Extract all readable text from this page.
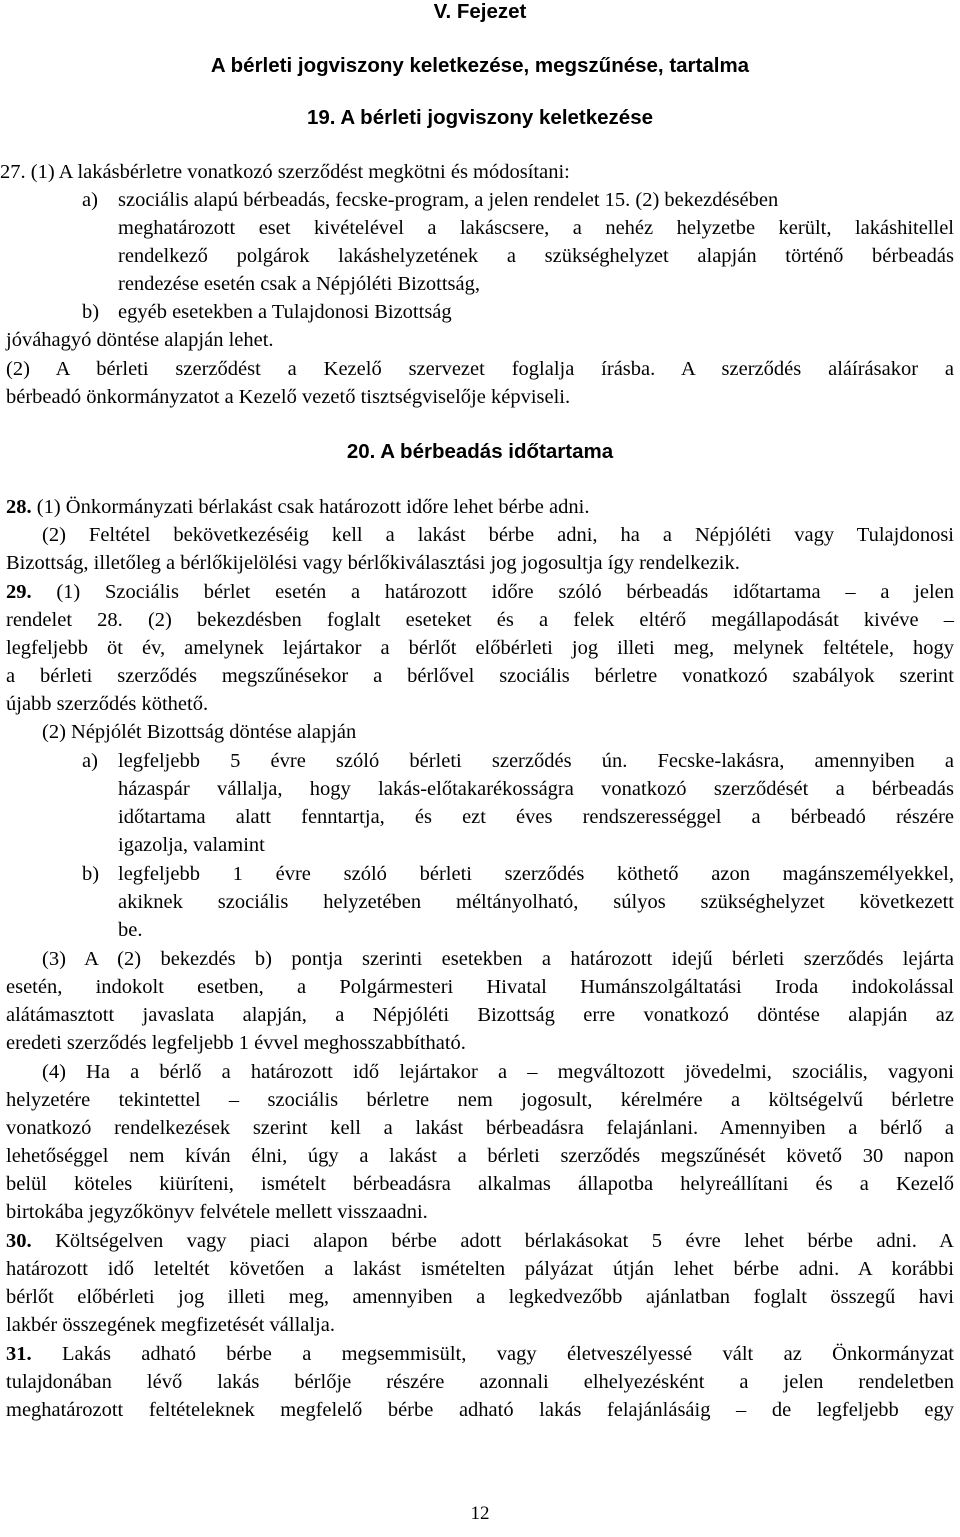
V. Fejezet

A bérleti jogviszony keletkezése, megszűnése, tartalma

19. A bérleti jogviszony keletkezése

27. (1) A lakásbérletre vonatkozó szerződést megkötni és módosítani:

a) szociális alapú bérbeadás, fecske-program, a jelen rendelet 15. (2) bekezdésében

meghatározott eset kivételével a lakáscsere, a nehéz helyzetbe került, lakáshitellel

rendelkező polgárok lakáshelyzetének a szükséghelyzet alapján történő bérbeadás

rendezése esetén csak a Népjóléti Bizottság,

b) egyéb esetekben a Tulajdonosi Bizottság

jóváhagyó döntése alapján lehet.

(2) A bérleti szerződést a Kezelő szervezet foglalja írásba. A szerződés aláírásakor a

bérbeadó önkormányzatot a Kezelő vezető tisztségviselője képviseli.

20. A bérbeadás időtartama

28. (1) Önkormányzati bérlakást csak határozott időre lehet bérbe adni.

(2) Feltétel bekövetkezéséig kell a lakást bérbe adni, ha a Népjóléti vagy Tulajdonosi

Bizottság, illetőleg a bérlőkijelölési vagy bérlőkiválasztási jog jogosultja így rendelkezik.

29. (1) Szociális bérlet esetén a határozott időre szóló bérbeadás időtartama – a jelen

rendelet 28. (2) bekezdésben foglalt eseteket és a felek eltérő megállapodását kivéve –

legfeljebb öt év, amelynek lejártakor a bérlőt előbérleti jog illeti meg, melynek feltétele, hogy

a bérleti szerződés megszűnésekor a bérlővel szociális bérletre vonatkozó szabályok szerint

újabb szerződés köthető.

(2) Népjólét Bizottság döntése alapján

a) legfeljebb 5 évre szóló bérleti szerződés ún. Fecske-lakásra, amennyiben a

házaspár vállalja, hogy lakás-előtakarékosságra vonatkozó szerződését a bérbeadás

időtartama alatt fenntartja, és ezt éves rendszerességgel a bérbeadó részére

igazolja, valamint

b) legfeljebb 1 évre szóló bérleti szerződés köthető azon magánszemélyekkel,

akiknek szociális helyzetében méltányolható, súlyos szükséghelyzet következett

be.

(3) A (2) bekezdés b) pontja szerinti esetekben a határozott idejű bérleti szerződés lejárta

esetén, indokolt esetben, a Polgármesteri Hivatal Humánszolgáltatási Iroda indokolással

alátámasztott javaslata alapján, a Népjóléti Bizottság erre vonatkozó döntése alapján az

eredeti szerződés legfeljebb 1 évvel meghosszabbítható.

(4) Ha a bérlő a határozott idő lejártakor a – megváltozott jövedelmi, szociális, vagyoni

helyzetére tekintettel – szociális bérletre nem jogosult, kérelmére a költségelvű bérletre

vonatkozó rendelkezések szerint kell a lakást bérbeadásra felajánlani. Amennyiben a bérlő a

lehetőséggel nem kíván élni, úgy a lakást a bérleti szerződés megszűnését követő 30 napon

belül köteles kiüríteni, ismételt bérbeadásra alkalmas állapotba helyreállítani és a Kezelő

birtokába jegyzőkönyv felvétele mellett visszaadni.

30. Költségelven vagy piaci alapon bérbe adott bérlakásokat 5 évre lehet bérbe adni. A

határozott idő leteltét követően a lakást ismételten pályázat útján lehet bérbe adni. A korábbi

bérlőt előbérleti jog illeti meg, amennyiben a legkedvezőbb ajánlatban foglalt összegű havi

lakbér összegének megfizetését vállalja.

31. Lakás adható bérbe a megsemmisült, vagy életveszélyessé vált az Önkormányzat

tulajdonában lévő lakás bérlője részére azonnali elhelyezésként a jelen rendeletben

meghatározott feltételeknek megfelelő bérbe adható lakás felajánlásáig – de legfeljebb egy

12
